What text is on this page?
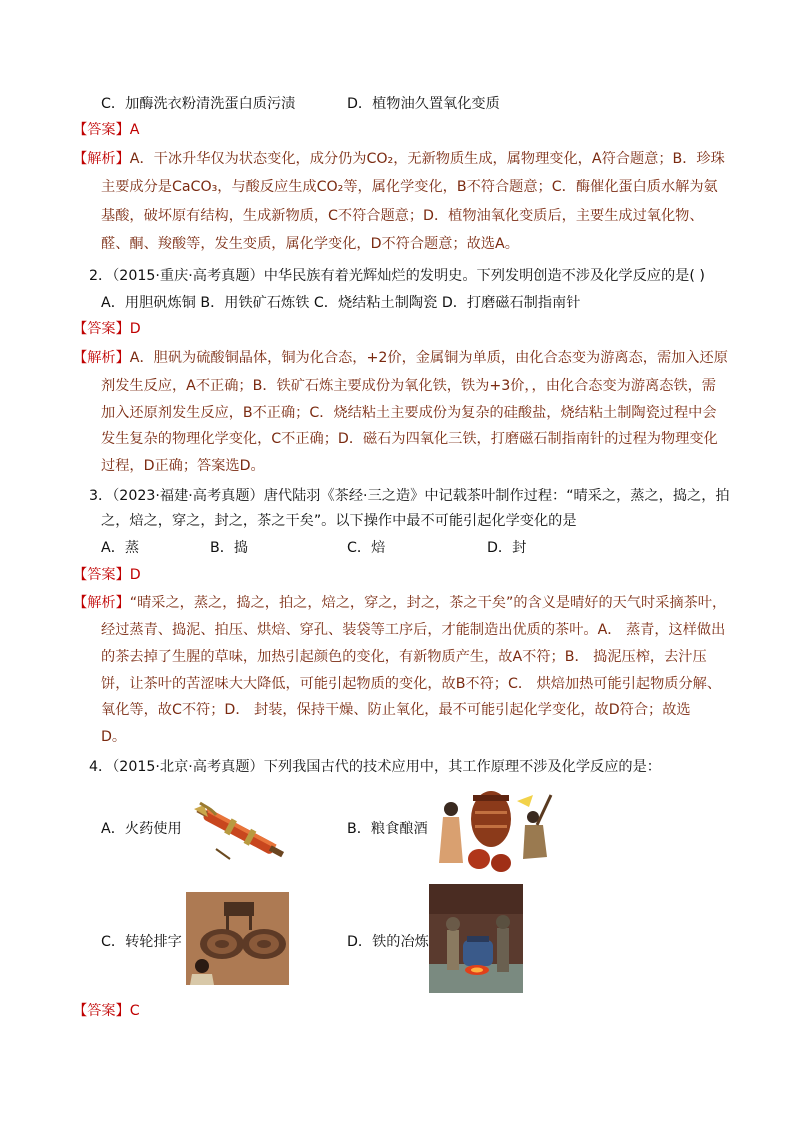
C．加酶洗衣粉清洗蛋白质污渍	D．植物油久置氧化变质
【答案】A
【解析】A．干冰升华仅为状态变化，成分仍为CO₂，无新物质生成，属物理变化，A符合题意；B．珍珠
主要成分是CaCO₃，与酸反应生成CO₂等，属化学变化，B不符合题意；C．酶催化蛋白质水解为氨
基酸，破坏原有结构，生成新物质，C不符合题意；D．植物油氧化变质后，主要生成过氧化物、
醛、酮、羧酸等，发生变质，属化学变化，D不符合题意；故选A。
2．（2015·重庆·高考真题）中华民族有着光辉灿烂的发明史。下列发明创造不涉及化学反应的是( )
A．用胆矾炼铜 B．用铁矿石炼铁 C．烧结粘土制陶瓷 D．打磨磁石制指南针
【答案】D
【解析】A．胆矾为硫酸铜晶体，铜为化合态，+2价，金属铜为单质，由化合态变为游离态，需加入还原
剂发生反应，A不正确；B．铁矿石炼主要成份为氧化铁，铁为+3价，，由化合态变为游离态铁，需
加入还原剂发生反应，B不正确；C．烧结粘土主要成份为复杂的硅酸盐，烧结粘土制陶瓷过程中会
发生复杂的物理化学变化，C不正确；D．磁石为四氧化三铁，打磨磁石制指南针的过程为物理变化
过程，D正确；答案选D。
3．（2023·福建·高考真题）唐代陆羽《茶经·三之造》中记载茶叶制作过程：“晴采之，蒸之，捣之，拍
之，焙之，穿之，封之，茶之干矣”。以下操作中最不可能引起化学变化的是
A．蒸	B．捣	C．焙	D．封
【答案】D
【解析】“晴采之，蒸之，捣之，拍之，焙之，穿之，封之，茶之干矣”的含义是晴好的天气时采摘茶叶，
经过蒸青、捣泥、拍压、烘焙、穿孔、装袋等工序后，才能制造出优质的茶叶。A． 蒸青，这样做出
的茶去掉了生腥的草味，加热引起颜色的变化，有新物质产生，故A不符；B． 捣泥压榨，去汁压
饼，让茶叶的苦涩味大大降低，可能引起物质的变化，故B不符；C． 烘焙加热可能引起物质分解、
氧化等，故C不符；D． 封装，保持干燥、防止氧化，最不可能引起化学变化，故D符合；故选
D。
4．（2015·北京·高考真题）下列我国古代的技术应用中，其工作原理不涉及化学反应的是：
A．火药使用	B．粮食酿酒
C．转轮排字	D．铁的冶炼
【答案】C
